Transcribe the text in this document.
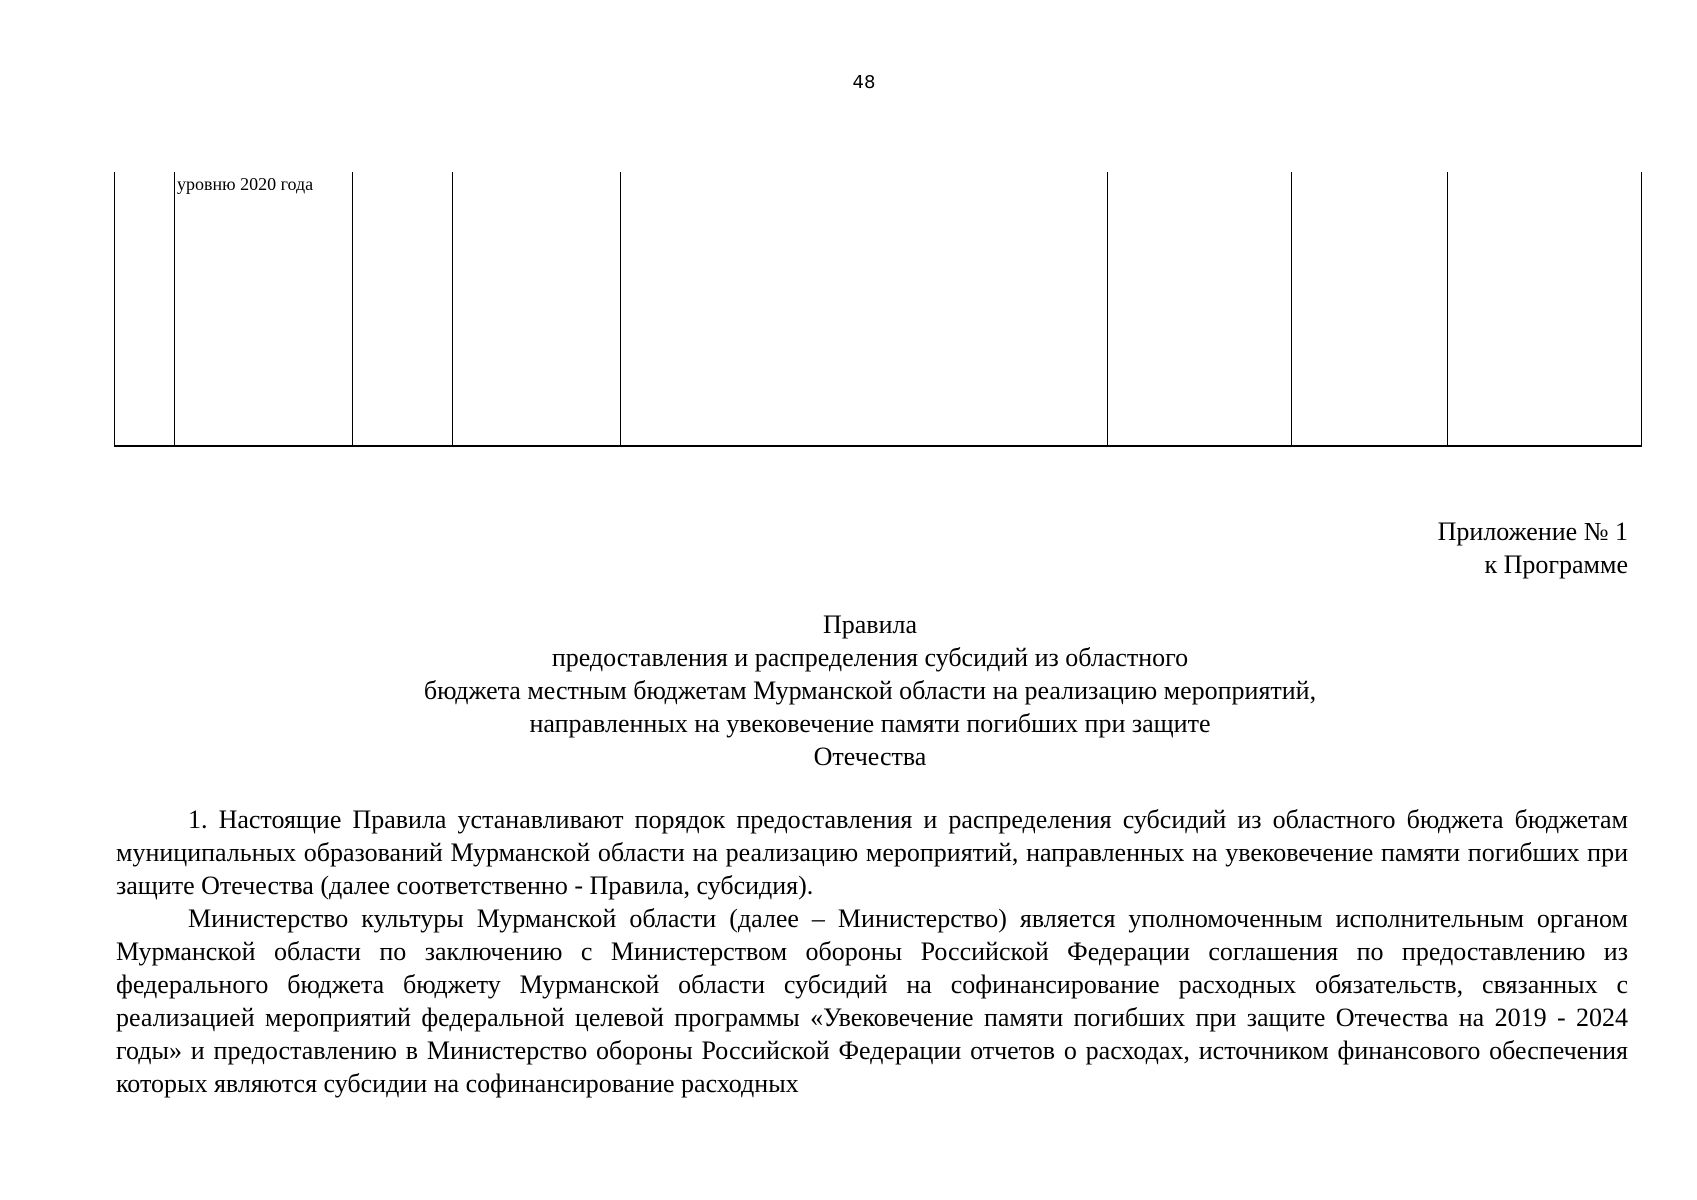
48
	уровню 2020 года						
Приложение № 1
к Программе
Правила
предоставления и распределения субсидий из областного
бюджета местным бюджетам Мурманской области на реализацию мероприятий,
направленных на увековечение памяти погибших при защите
Отечества

1. Настоящие Правила устанавливают порядок предоставления и распределения субсидий из областного бюджета бюджетам муниципальных образований Мурманской области на реализацию мероприятий, направленных на увековечение памяти погибших при защите Отечества (далее соответственно - Правила, субсидия).

Министерство культуры Мурманской области (далее – Министерство) является уполномоченным исполнительным органом Мурманской области по заключению с Министерством обороны Российской Федерации соглашения по предоставлению из федерального бюджета бюджету Мурманской области субсидий на софинансирование расходных обязательств, связанных с реализацией мероприятий федеральной целевой программы «Увековечение памяти погибших при защите Отечества на 2019 - 2024 годы» и предоставлению в Министерство обороны Российской Федерации отчетов о расходах, источником финансового обеспечения которых являются субсидии на софинансирование расходных
